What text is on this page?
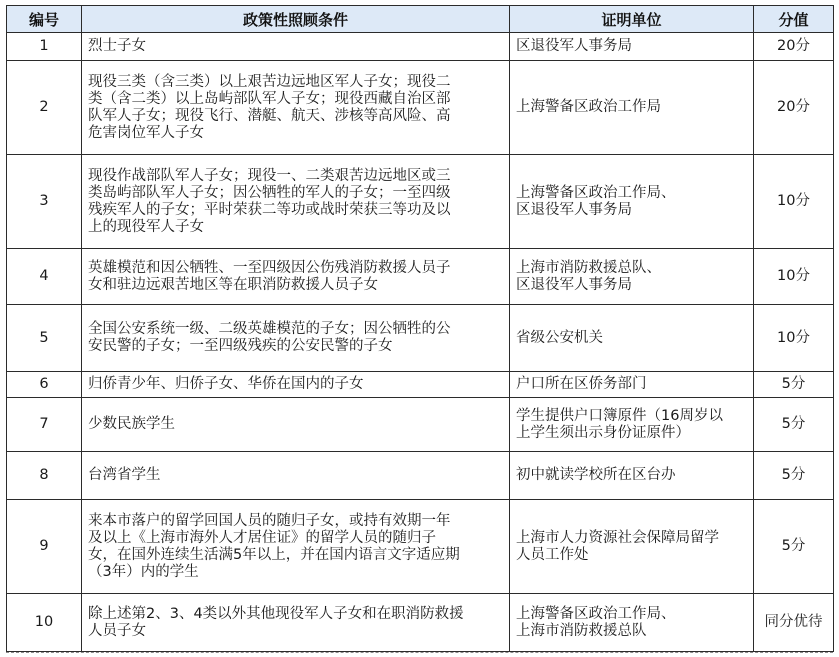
编号	政策性照顾条件	证明单位	分值
1	烈士子女	区退役军人事务局	20分
2	现役三类（含三类）以上艰苦边远地区军人子女；现役二
类（含二类）以上岛屿部队军人子女；现役西藏自治区部
队军人子女；现役飞行、潜艇、航天、涉核等高风险、高
危害岗位军人子女	上海警备区政治工作局	20分
3	现役作战部队军人子女；现役一、二类艰苦边远地区或三
类岛屿部队军人子女；因公牺牲的军人的子女；一至四级
残疾军人的子女；平时荣获二等功或战时荣获三等功及以
上的现役军人子女	上海警备区政治工作局、
区退役军人事务局	10分
4	英雄模范和因公牺牲、一至四级因公伤残消防救援人员子
女和驻边远艰苦地区等在职消防救援人员子女	上海市消防救援总队、
区退役军人事务局	10分
5	全国公安系统一级、二级英雄模范的子女；因公牺牲的公
安民警的子女；一至四级残疾的公安民警的子女	省级公安机关	10分
6	归侨青少年、归侨子女、华侨在国内的子女	户口所在区侨务部门	5分
7	少数民族学生	学生提供户口簿原件（16周岁以
上学生须出示身份证原件）	5分
8	台湾省学生	初中就读学校所在区台办	5分
9	来本市落户的留学回国人员的随归子女，或持有效期一年
及以上《上海市海外人才居住证》的留学人员的随归子
女，在国外连续生活满5年以上，并在国内语言文字适应期
（3年）内的学生	上海市人力资源社会保障局留学
人员工作处	5分
10	除上述第2、3、4类以外其他现役军人子女和在职消防救援
人员子女	上海警备区政治工作局、
上海市消防救援总队	同分优待
